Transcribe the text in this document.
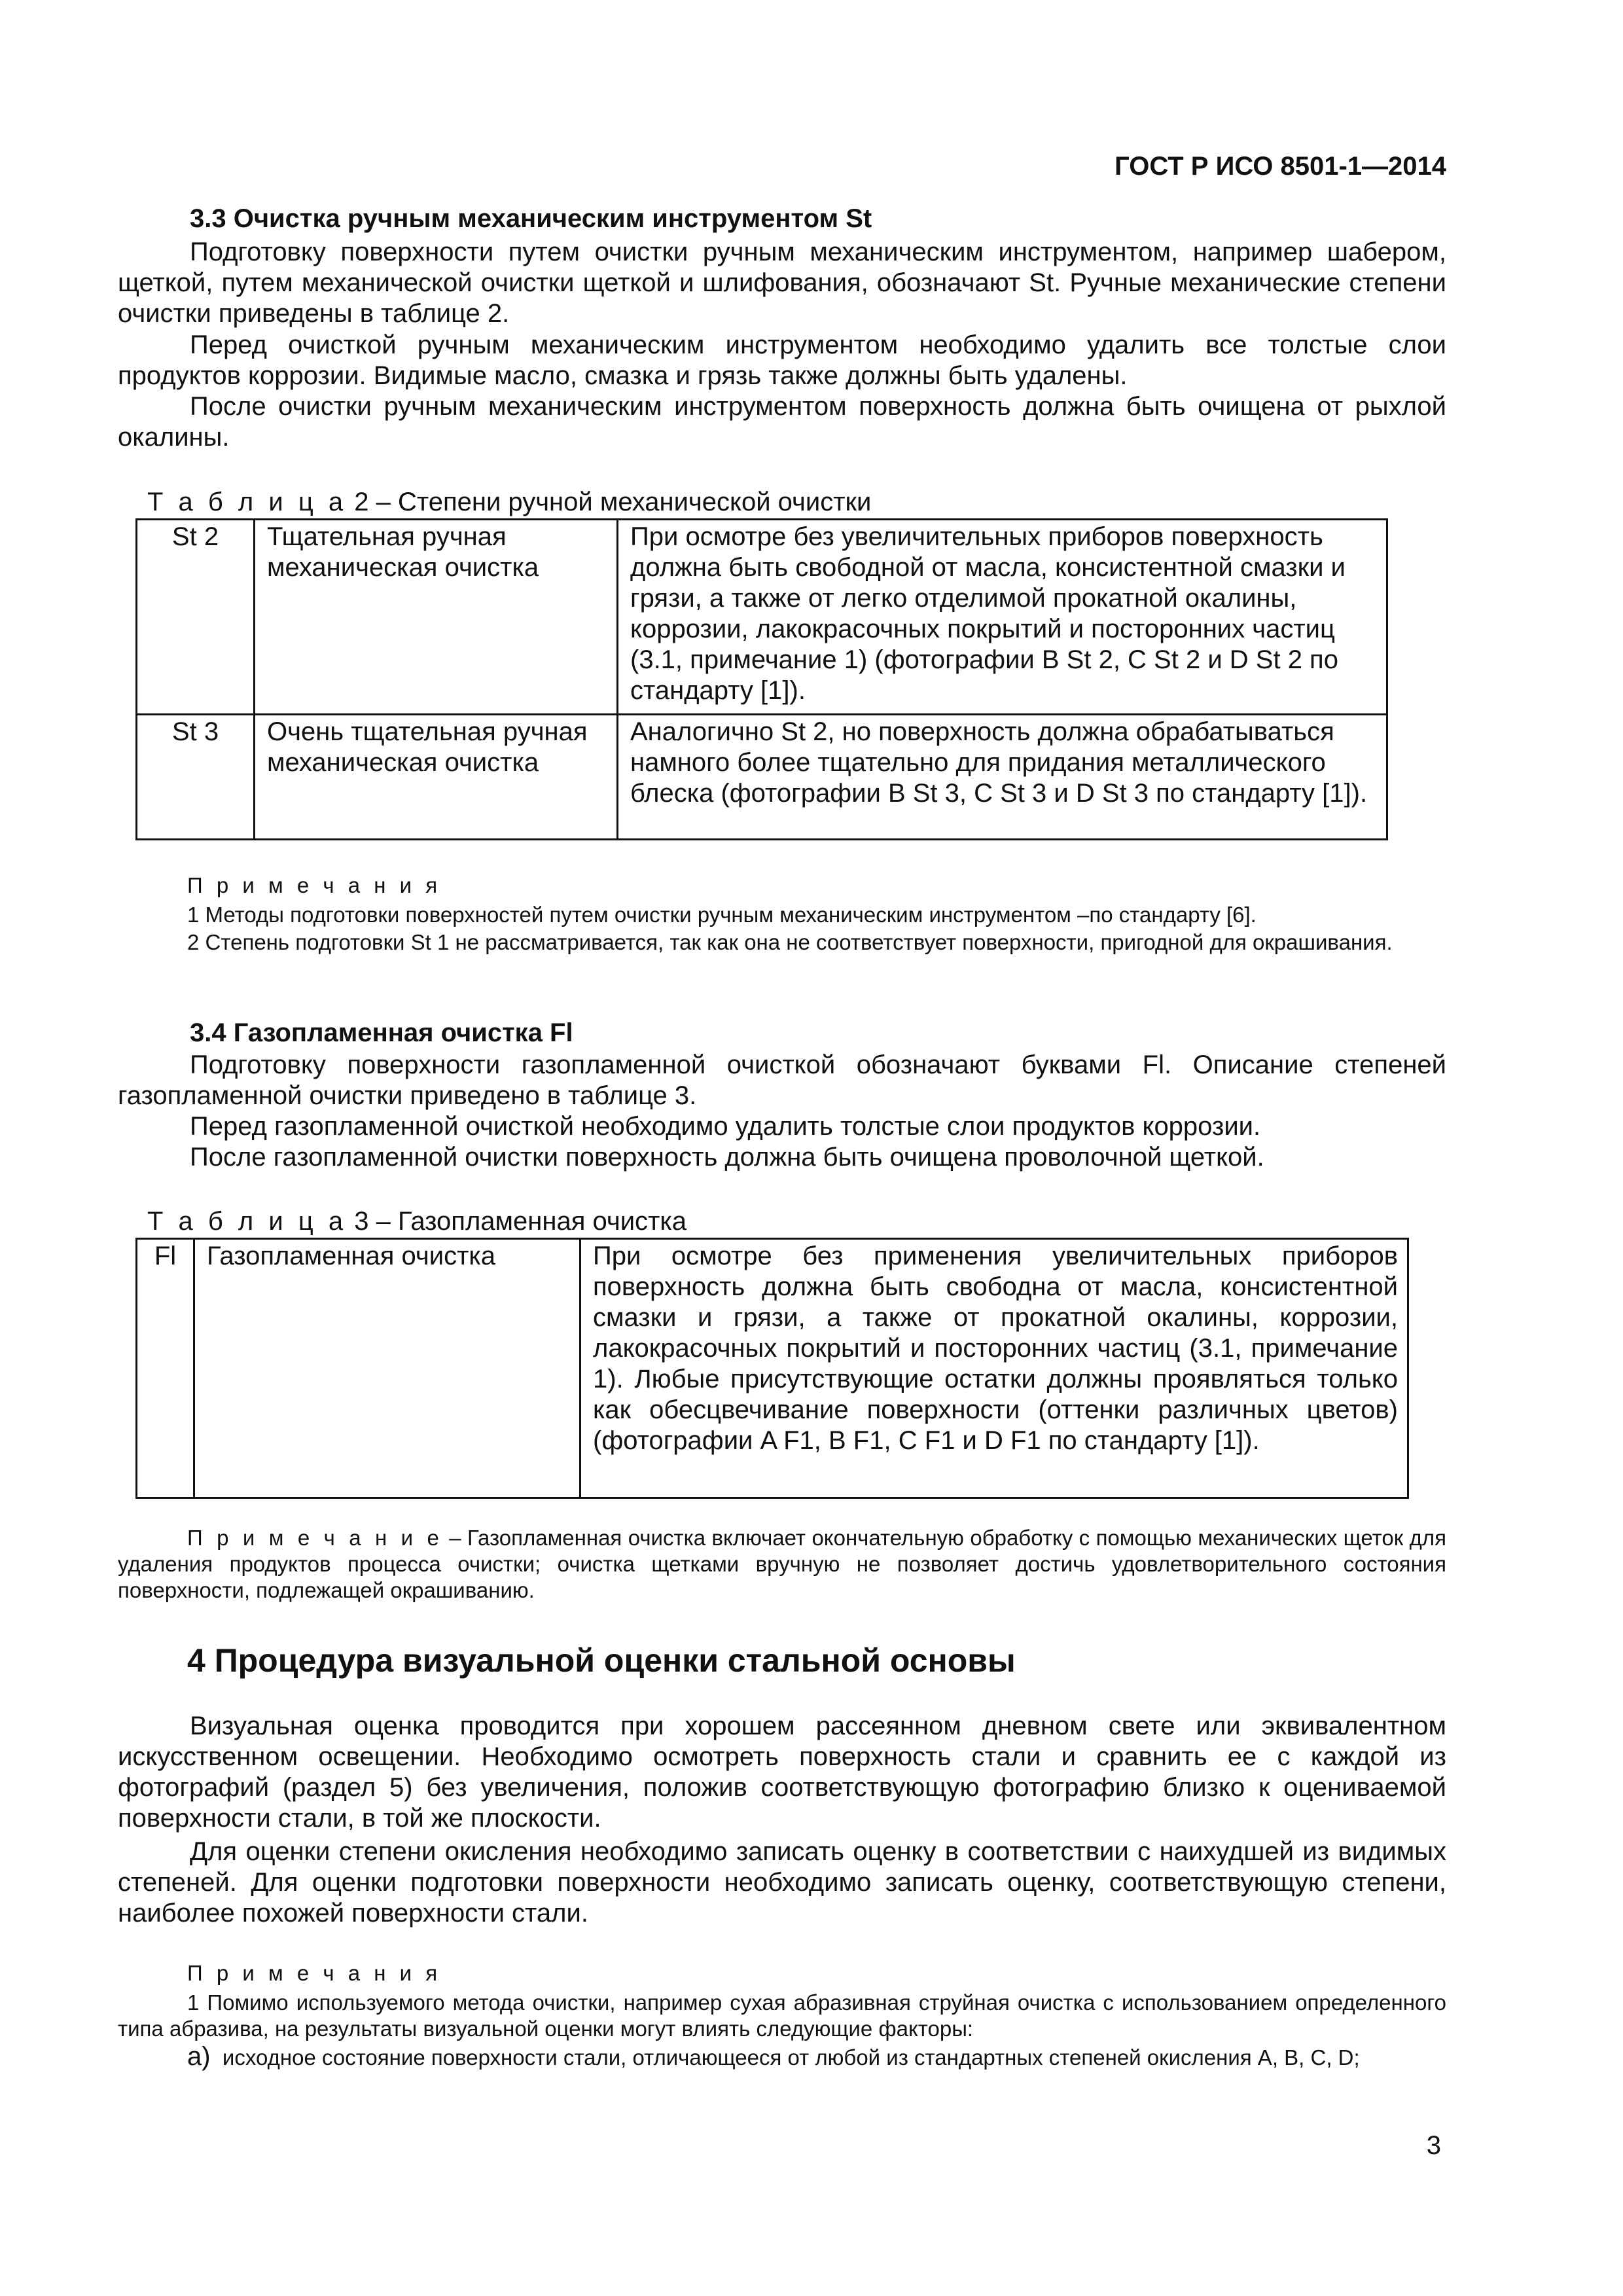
ГОСТ Р ИСО 8501-1—2014
3.3 Очистка ручным механическим инструментом St

Подготовку поверхности путем очистки ручным механическим инструментом, например шабером, щеткой, путем механической очистки щеткой и шлифования, обозначают St. Ручные механические степени очистки приведены в таблице 2.

Перед очисткой ручным механическим инструментом необходимо удалить все толстые слои продуктов коррозии. Видимые масло, смазка и грязь также должны быть удалены.

После очистки ручным механическим инструментом поверхность должна быть очищена от рыхлой окалины.

Т а б л и ц а 2 – Степени ручной механической очистки
St 2	Тщательная ручная механическая очистка	При осмотре без увеличительных приборов поверхность должна быть свободной от масла, консистентной смазки и грязи, а также от легко отделимой прокатной окалины, коррозии, лакокрасочных покрытий и посторонних частиц (3.1, примечание 1) (фотографии B St 2, C St 2 и D St 2 по стандарту [1]).
St 3	Очень тщательная ручная механическая очистка	Аналогично St 2, но поверхность должна обрабатываться намного более тщательно для придания металлического блеска (фотографии B St 3, C St 3 и D St 3 по стандарту [1]).
П р и м е ч а н и я

1 Методы подготовки поверхностей путем очистки ручным механическим инструментом –по стандарту [6].

2 Степень подготовки St 1 не рассматривается, так как она не соответствует поверхности, пригодной для окрашивания.

3.4 Газопламенная очистка Fl

Подготовку поверхности газопламенной очисткой обозначают буквами Fl. Описание степеней газопламенной очистки приведено в таблице 3.

Перед газопламенной очисткой необходимо удалить толстые слои продуктов коррозии.

После газопламенной очистки поверхность должна быть очищена проволочной щеткой.

Т а б л и ц а 3 – Газопламенная очистка
Fl	Газопламенная очистка	При осмотре без применения увеличительных приборов поверхность должна быть свободна от масла, консистентной смазки и грязи, а также от прокатной окалины, коррозии, лакокрасочных покрытий и посторонних частиц (3.1, примечание 1). Любые присутствующие остатки должны проявляться только как обесцвечивание поверхности (оттенки различных цветов) (фотографии A F1, B F1, C F1 и D F1 по стандарту [1]).

П р и м е ч а н и е – Газопламенная очистка включает окончательную обработку с помощью механических щеток для удаления продуктов процесса очистки; очистка щетками вручную не позволяет достичь удовлетворительного состояния поверхности, подлежащей окрашиванию.

4 Процедура визуальной оценки стальной основы

Визуальная оценка проводится при хорошем рассеянном дневном свете или эквивалентном искусственном освещении. Необходимо осмотреть поверхность стали и сравнить ее с каждой из фотографий (раздел 5) без увеличения, положив соответствующую фотографию близко к оцениваемой поверхности стали, в той же плоскости.

Для оценки степени окисления необходимо записать оценку в соответствии с наихудшей из видимых степеней. Для оценки подготовки поверхности необходимо записать оценку, соответствующую степени, наиболее похожей поверхности стали.

П р и м е ч а н и я

1 Помимо используемого метода очистки, например сухая абразивная струйная очистка с использованием определенного типа абразива, на результаты визуальной оценки могут влиять следующие факторы:

а) исходное состояние поверхности стали, отличающееся от любой из стандартных степеней окисления A, B, C, D;

3
